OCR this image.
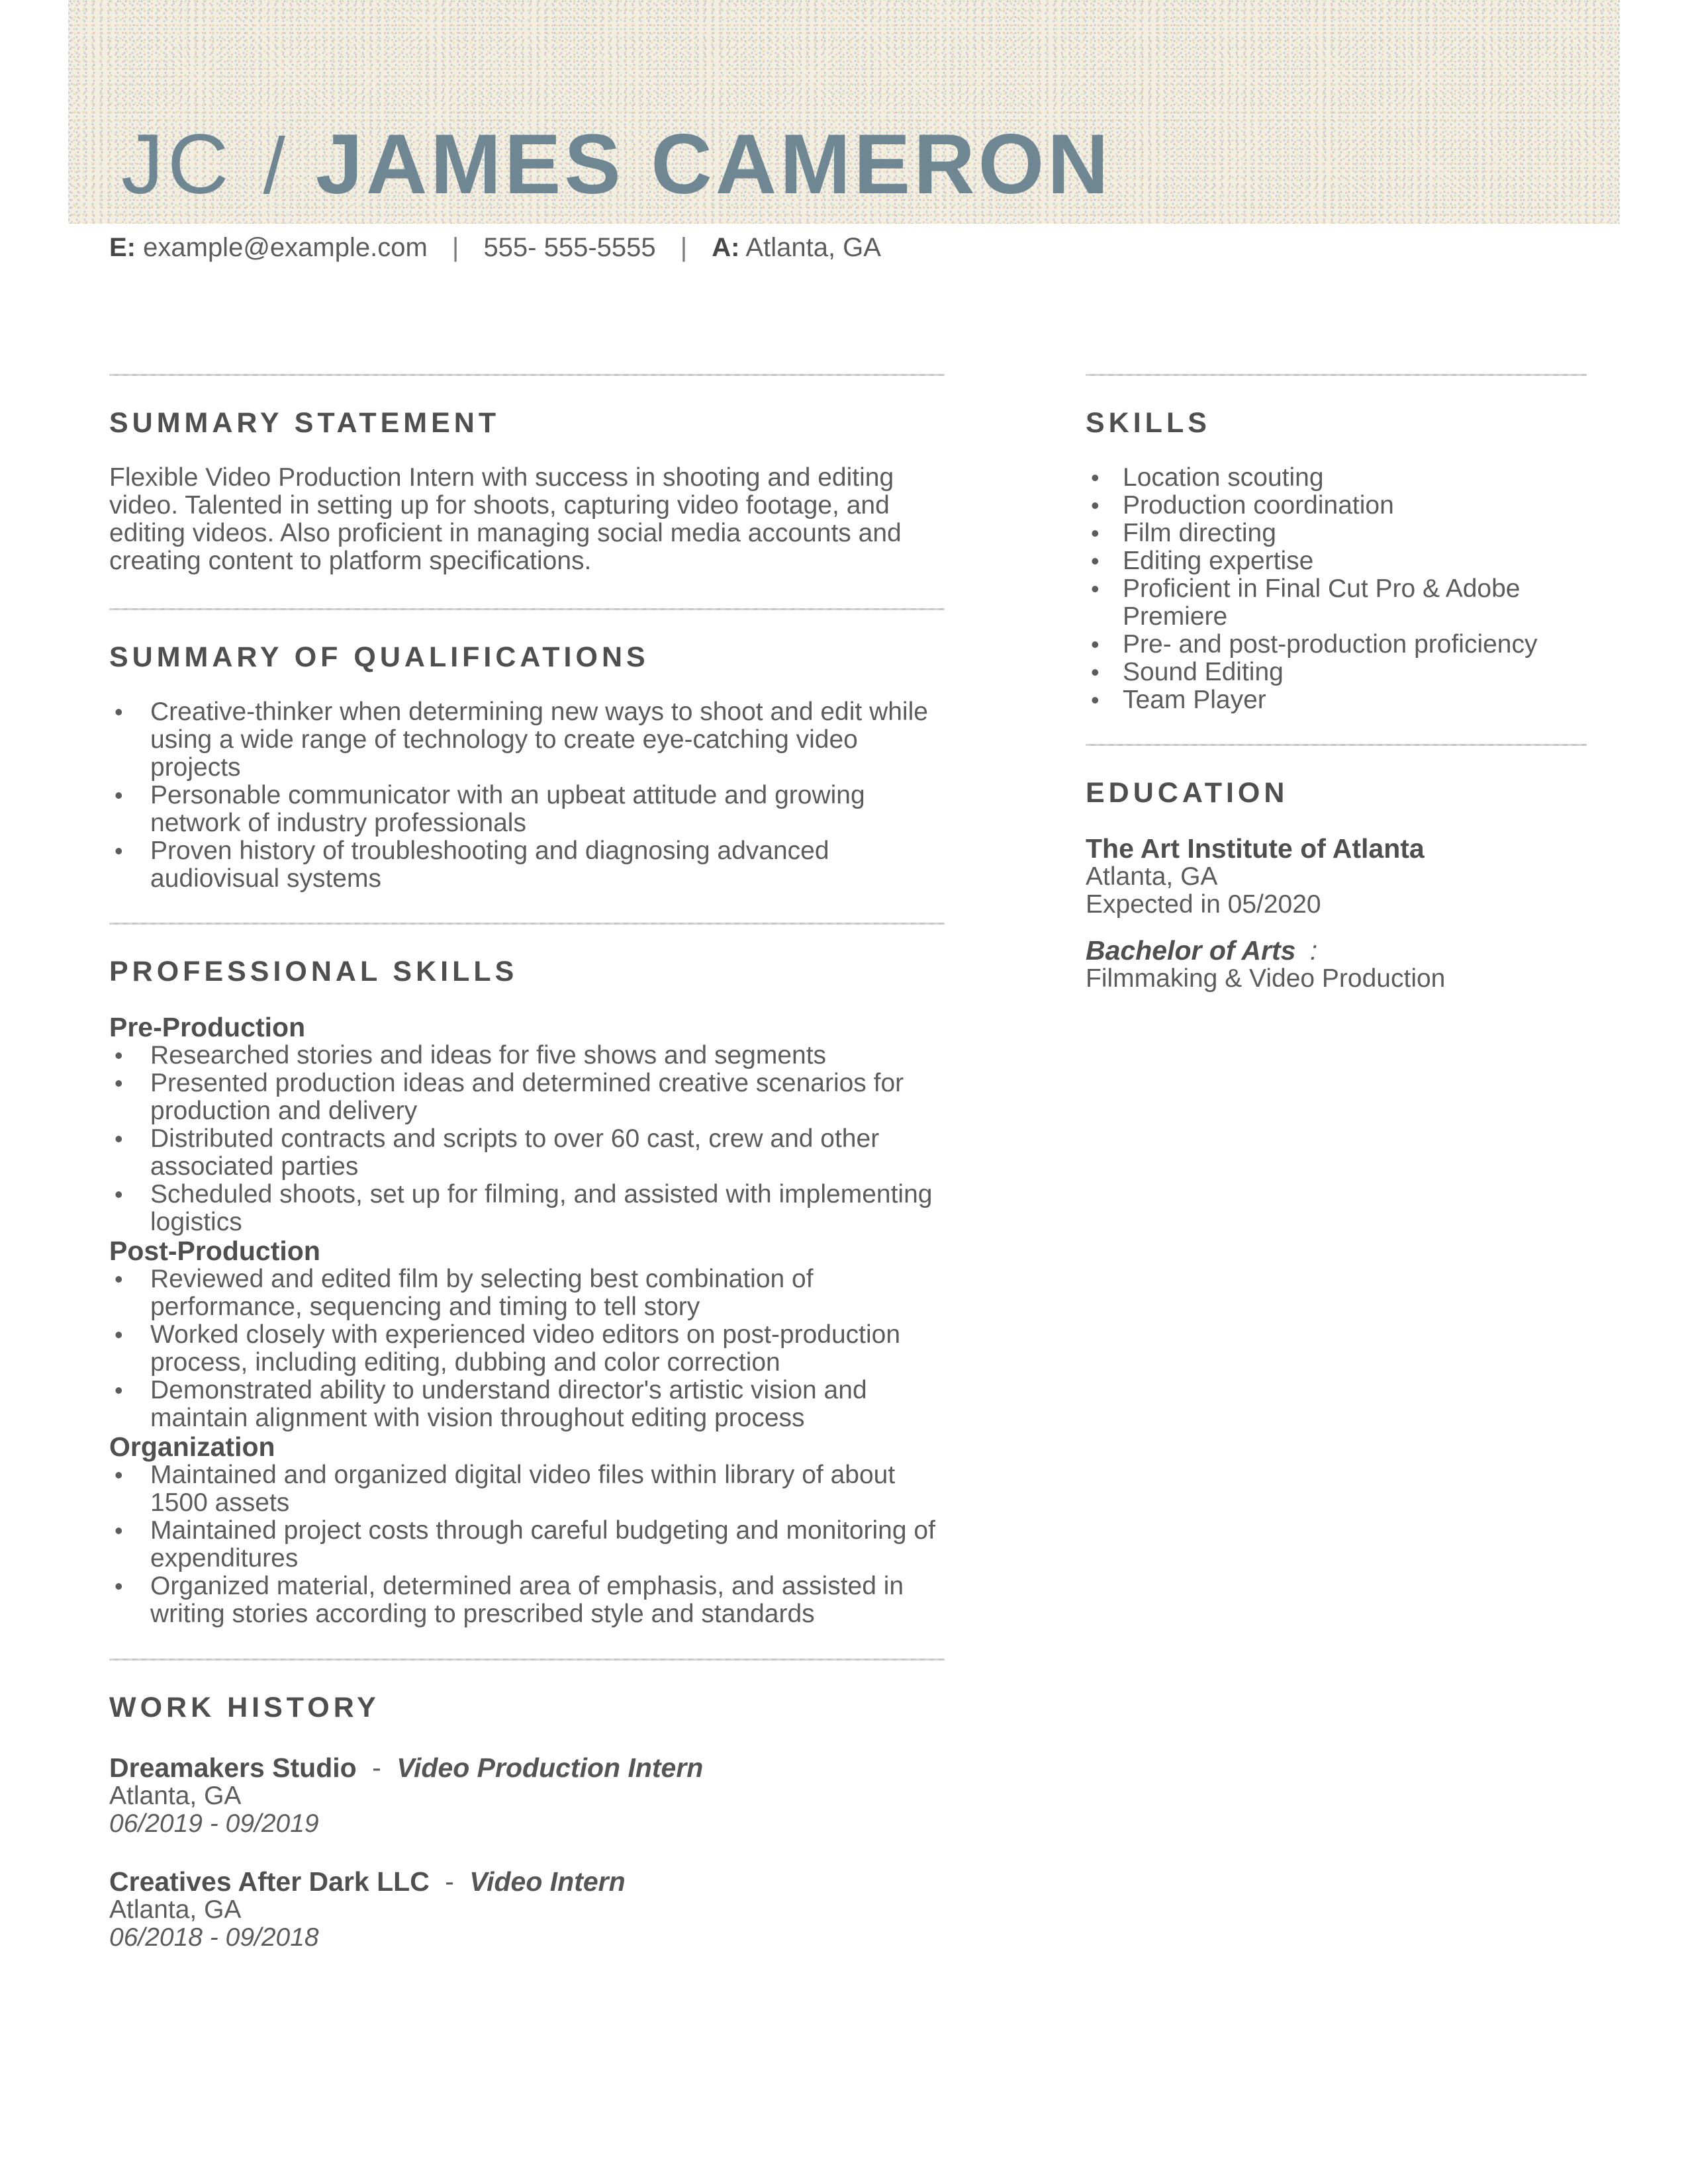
JC / JAMES CAMERON
E: example@example.com | 555- 555-5555 | A: Atlanta, GA
SUMMARY STATEMENT

Flexible Video Production Intern with success in shooting and editing video. Talented in setting up for shoots, capturing video footage, and editing videos. Also proficient in managing social media accounts and creating content to platform specifications.

SUMMARY OF QUALIFICATIONS
• Creative-thinker when determining new ways to shoot and edit while using a wide range of technology to create eye-catching video projects
• Personable communicator with an upbeat attitude and growing network of industry professionals
• Proven history of troubleshooting and diagnosing advanced audiovisual systems
PROFESSIONAL SKILLS
Pre-Production
• Researched stories and ideas for five shows and segments
• Presented production ideas and determined creative scenarios for production and delivery
• Distributed contracts and scripts to over 60 cast, crew and other associated parties
• Scheduled shoots, set up for filming, and assisted with implementing logistics
Post-Production
• Reviewed and edited film by selecting best combination of performance, sequencing and timing to tell story
• Worked closely with experienced video editors on post-production process, including editing, dubbing and color correction
• Demonstrated ability to understand director's artistic vision and maintain alignment with vision throughout editing process
Organization
• Maintained and organized digital video files within library of about 1500 assets
• Maintained project costs through careful budgeting and monitoring of expenditures
• Organized material, determined area of emphasis, and assisted in writing stories according to prescribed style and standards
WORK HISTORY
Dreamakers Studio - Video Production Intern
Atlanta, GA
06/2019 - 09/2019
Creatives After Dark LLC - Video Intern
Atlanta, GA
06/2018 - 09/2018
SKILLS
• Location scouting
• Production coordination
• Film directing
• Editing expertise
• Proficient in Final Cut Pro & Adobe Premiere
• Pre- and post-production proficiency
• Sound Editing
• Team Player
EDUCATION
The Art Institute of Atlanta
Atlanta, GA
Expected in 05/2020
Bachelor of Arts :
Filmmaking & Video Production
